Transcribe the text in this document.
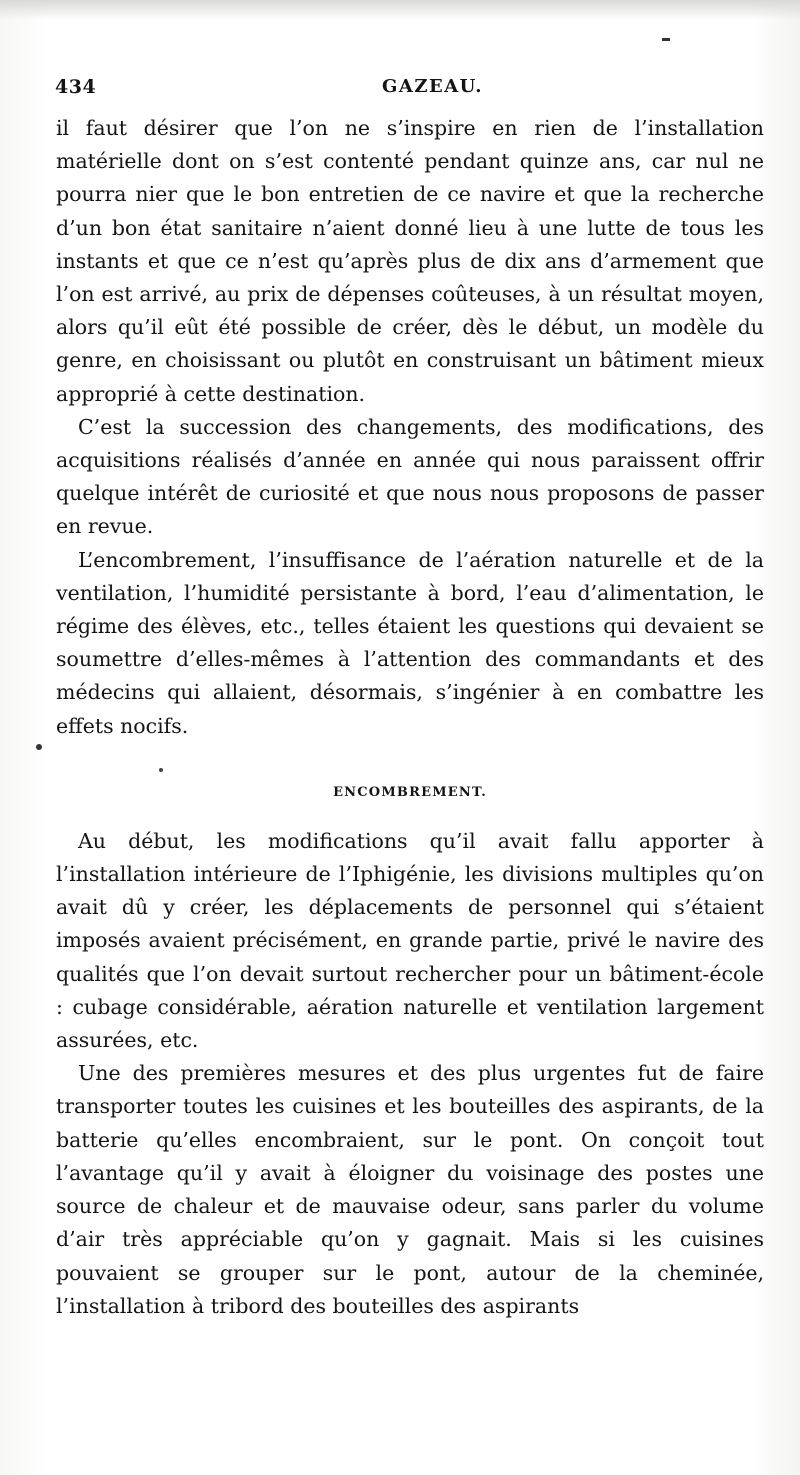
434	GAZEAU.

il faut désirer que l’on ne s’inspire en rien de l’installation matérielle dont on s’est contenté pendant quinze ans, car nul ne pourra nier que le bon entretien de ce navire et que la recherche d’un bon état sanitaire n’aient donné lieu à une lutte de tous les instants et que ce n’est qu’après plus de dix ans d’armement que l’on est arrivé, au prix de dépenses coûteuses, à un résultat moyen, alors qu’il eût été possible de créer, dès le début, un modèle du genre, en choisissant ou plutôt en construisant un bâtiment mieux approprié à cette destination.

C’est la succession des changements, des modifications, des acquisitions réalisés d’année en année qui nous paraissent offrir quelque intérêt de curiosité et que nous nous proposons de passer en revue.

L’encombrement, l’insuffisance de l’aération naturelle et de la ventilation, l’humidité persistante à bord, l’eau d’alimentation, le régime des élèves, etc., telles étaient les questions qui devaient se soumettre d’elles-mêmes à l’attention des commandants et des médecins qui allaient, désormais, s’ingénier à en combattre les effets nocifs.

ENCOMBREMENT.

Au début, les modifications qu’il avait fallu apporter à l’installation intérieure de l’Iphigénie, les divisions multiples qu’on avait dû y créer, les déplacements de personnel qui s’étaient imposés avaient précisément, en grande partie, privé le navire des qualités que l’on devait surtout rechercher pour un bâtiment-école : cubage considérable, aération naturelle et ventilation largement assurées, etc.

Une des premières mesures et des plus urgentes fut de faire transporter toutes les cuisines et les bouteilles des aspirants, de la batterie qu’elles encombraient, sur le pont. On conçoit tout l’avantage qu’il y avait à éloigner du voisinage des postes une source de chaleur et de mauvaise odeur, sans parler du volume d’air très appréciable qu’on y gagnait. Mais si les cuisines pouvaient se grouper sur le pont, autour de la cheminée, l’installation à tribord des bouteilles des aspirants
